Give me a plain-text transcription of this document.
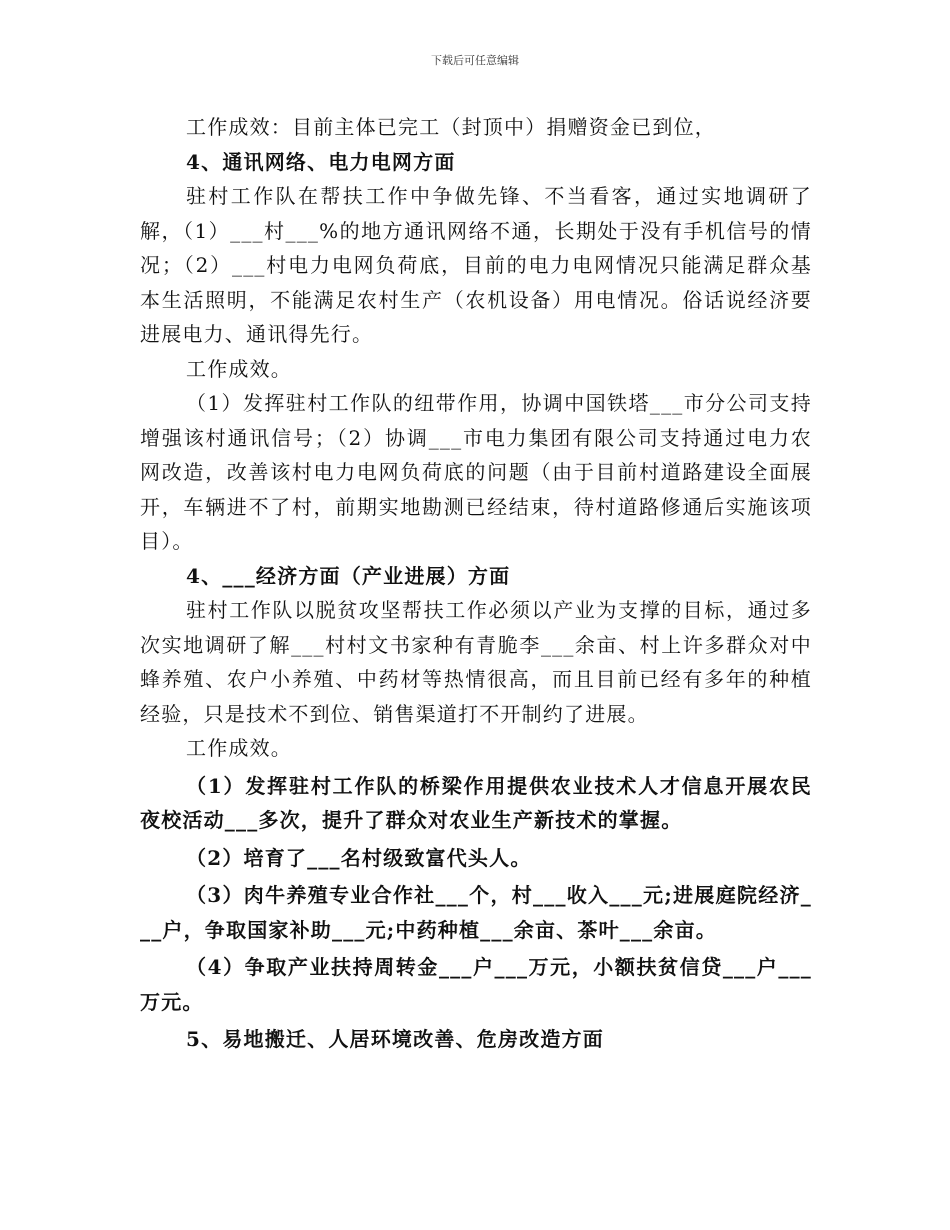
下载后可任意编辑

工作成效：目前主体已完工（封顶中）捐赠资金已到位，

4、通讯网络、电力电网方面

驻村工作队在帮扶工作中争做先锋、不当看客，通过实地调研了解，（1）___村___%的地方通讯网络不通，长期处于没有手机信号的情况；（2）___村电力电网负荷底，目前的电力电网情况只能满足群众基本生活照明，不能满足农村生产（农机设备）用电情况。俗话说经济要进展电力、通讯得先行。

工作成效。

（1）发挥驻村工作队的纽带作用，协调中国铁塔___市分公司支持增强该村通讯信号；（2）协调___市电力集团有限公司支持通过电力农网改造，改善该村电力电网负荷底的问题（由于目前村道路建设全面展开，车辆进不了村，前期实地勘测已经结束，待村道路修通后实施该项目）。

4、___经济方面（产业进展）方面

驻村工作队以脱贫攻坚帮扶工作必须以产业为支撑的目标，通过多次实地调研了解___村村文书家种有青脆李___余亩、村上许多群众对中蜂养殖、农户小养殖、中药材等热情很高，而且目前已经有多年的种植经验，只是技术不到位、销售渠道打不开制约了进展。

工作成效。

（1）发挥驻村工作队的桥梁作用提供农业技术人才信息开展农民夜校活动___多次，提升了群众对农业生产新技术的掌握。

（2）培育了___名村级致富代头人。

（3）肉牛养殖专业合作社___个，村___收入___元;进展庭院经济___户，争取国家补助___元;中药种植___余亩、茶叶___余亩。

（4）争取产业扶持周转金___户___万元，小额扶贫信贷___户___万元。

5、易地搬迁、人居环境改善、危房改造方面
